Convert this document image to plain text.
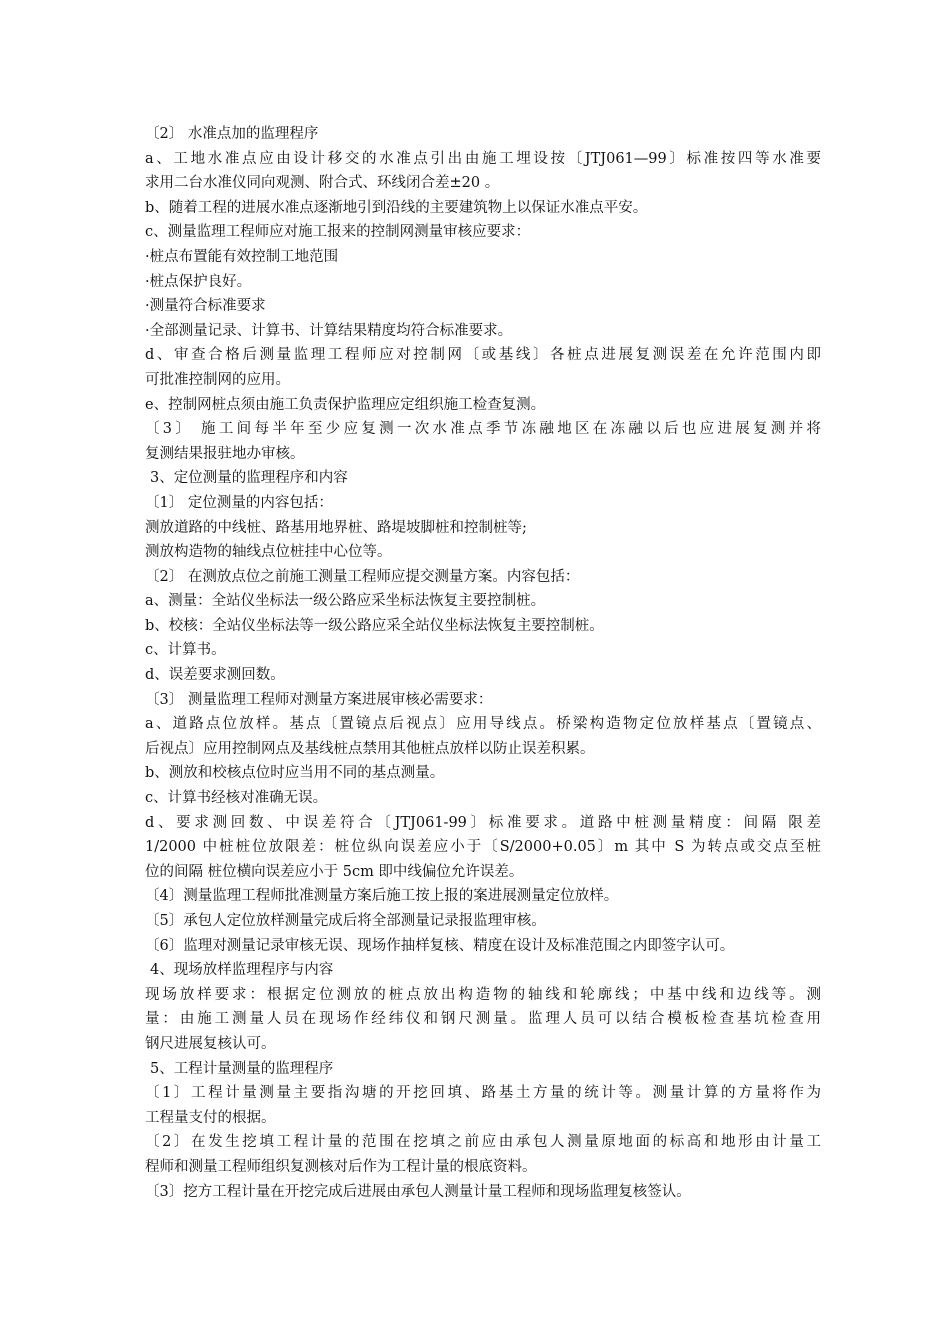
〔2〕 水准点加的监理程序
a、工地水准点应由设计移交的水准点引出由施工埋设按〔JTJ061—99〕标准按四等水准要
求用二台水准仪同向观测、附合式、环线闭合差±20 。
b、随着工程的进展水准点逐渐地引到沿线的主要建筑物上以保证水准点平安。
c、测量监理工程师应对施工报来的控制网测量审核应要求：
·桩点布置能有效控制工地范围
·桩点保护良好。
·测量符合标准要求
·全部测量记录、计算书、计算结果精度均符合标准要求。
d、审查合格后测量监理工程师应对控制网〔或基线〕各桩点进展复测误差在允许范围内即
可批准控制网的应用。
e、控制网桩点须由施工负责保护监理应定组织施工检查复测。
〔3〕 施工间每半年至少应复测一次水准点季节冻融地区在冻融以后也应进展复测并将
复测结果报驻地办审核。
3、定位测量的监理程序和内容
〔1〕 定位测量的内容包括：
测放道路的中线桩、路基用地界桩、路堤坡脚桩和控制桩等;
测放构造物的轴线点位桩挂中心位等。
〔2〕 在测放点位之前施工测量工程师应提交测量方案。内容包括：
a、测量：全站仪坐标法一级公路应采坐标法恢复主要控制桩。
b、校核：全站仪坐标法等一级公路应采全站仪坐标法恢复主要控制桩。
c、计算书。
d、误差要求测回数。
〔3〕 测量监理工程师对测量方案进展审核必需要求：
a、道路点位放样。基点〔置镜点后视点〕应用导线点。桥梁构造物定位放样基点〔置镜点、
后视点〕应用控制网点及基线桩点禁用其他桩点放样以防止误差积累。
b、测放和校核点位时应当用不同的基点测量。
c、计算书经核对准确无误。
d、要求测回数、中误差符合〔JTJ061-99〕标准要求。道路中桩测量精度：间隔 限差
1/2000 中桩桩位放限差：桩位纵向误差应小于〔S/2000+0.05〕m 其中 S 为转点或交点至桩
位的间隔 桩位横向误差应小于 5cm 即中线偏位允许误差。
〔4〕测量监理工程师批准测量方案后施工按上报的案进展测量定位放样。
〔5〕承包人定位放样测量完成后将全部测量记录报监理审核。
〔6〕监理对测量记录审核无误、现场作抽样复核、精度在设计及标准范围之内即签字认可。
4、现场放样监理程序与内容
现场放样要求：根据定位测放的桩点放出构造物的轴线和轮廓线；中基中线和边线等。测
量：由施工测量人员在现场作经纬仪和钢尺测量。监理人员可以结合模板检查基坑检查用
钢尺进展复核认可。
5、工程计量测量的监理程序
〔1〕工程计量测量主要指沟塘的开挖回填、路基土方量的统计等。测量计算的方量将作为
工程量支付的根据。
〔2〕在发生挖填工程计量的范围在挖填之前应由承包人测量原地面的标高和地形由计量工
程师和测量工程师组织复测核对后作为工程计量的根底资料。
〔3〕挖方工程计量在开挖完成后进展由承包人测量计量工程师和现场监理复核签认。
